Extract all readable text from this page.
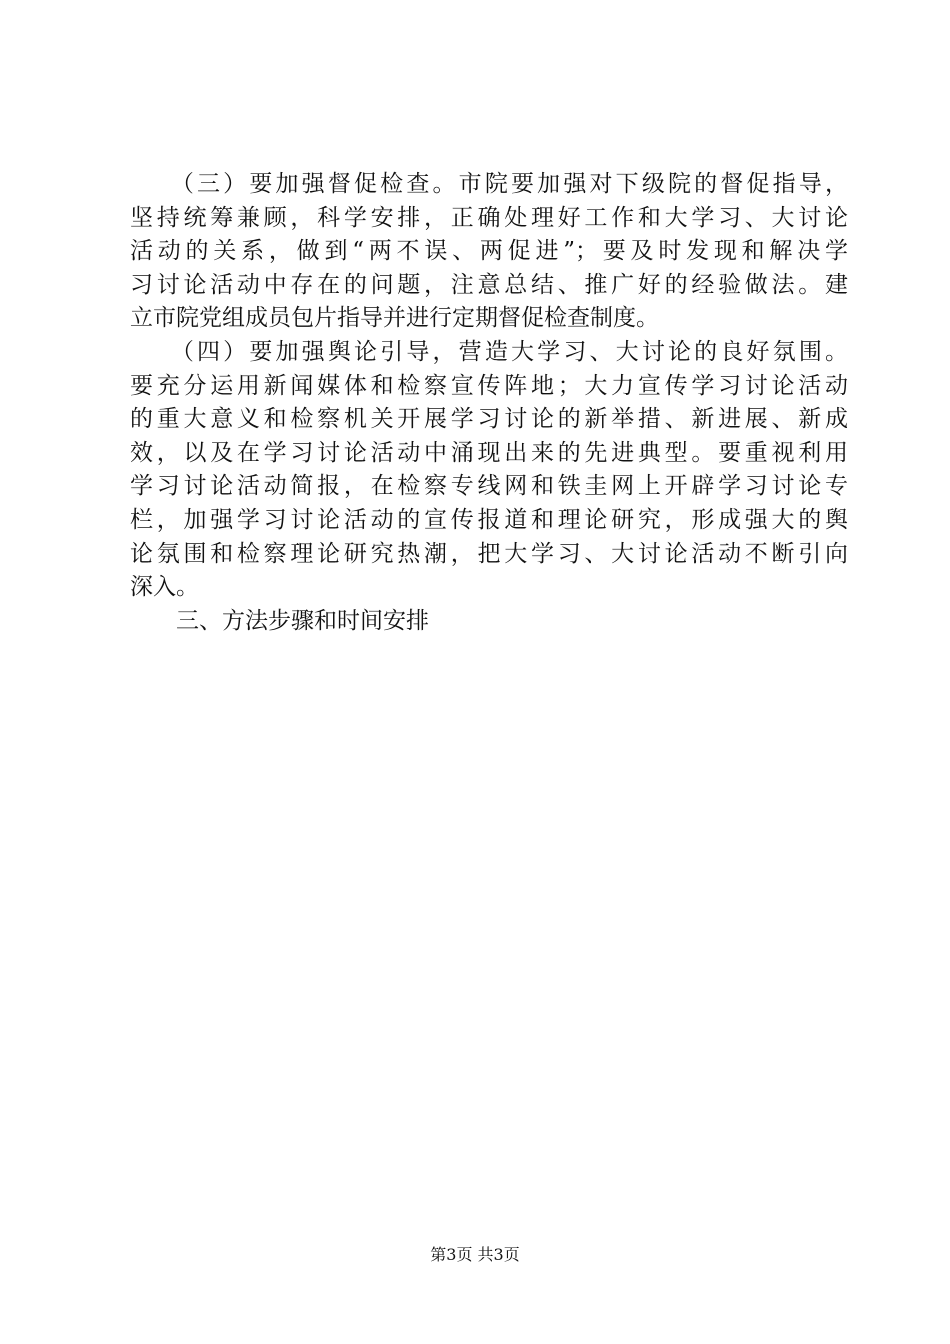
　　（三）要加强督促检查。市院要加强对下级院的督促指导，
坚持统筹兼顾，科学安排，正确处理好工作和大学习、大讨论
活动的关系，做到“两不误、两促进”；要及时发现和解决学
习讨论活动中存在的问题，注意总结、推广好的经验做法。建
立市院党组成员包片指导并进行定期督促检查制度。
　　（四）要加强舆论引导，营造大学习、大讨论的良好氛围。
要充分运用新闻媒体和检察宣传阵地；大力宣传学习讨论活动
的重大意义和检察机关开展学习讨论的新举措、新进展、新成
效，以及在学习讨论活动中涌现出来的先进典型。要重视利用
学习讨论活动简报，在检察专线网和铁圭网上开辟学习讨论专
栏，加强学习讨论活动的宣传报道和理论研究，形成强大的舆
论氛围和检察理论研究热潮，把大学习、大讨论活动不断引向
深入。
　　三、方法步骤和时间安排
第3页 共3页
